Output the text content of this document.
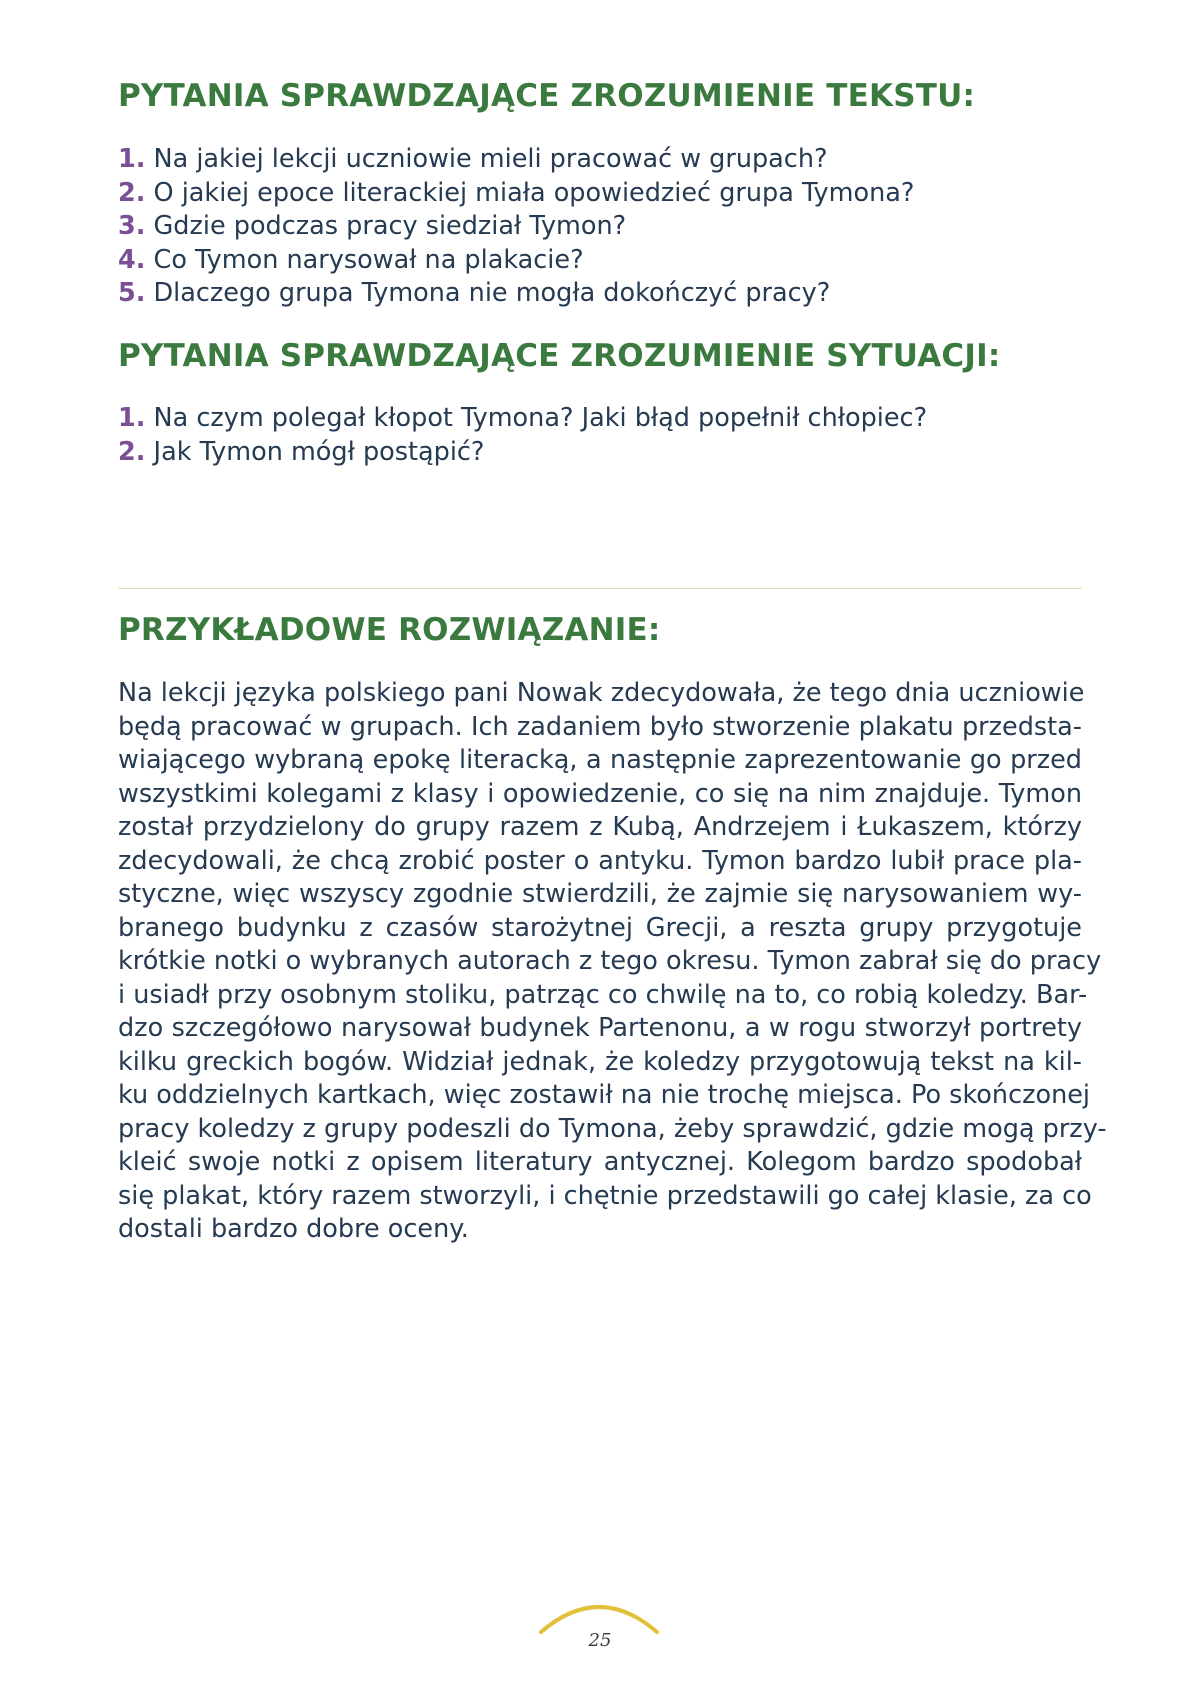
PYTANIA SPRAWDZAJĄCE ZROZUMIENIE TEKSTU:
1. Na jakiej lekcji uczniowie mieli pracować w grupach?
2. O jakiej epoce literackiej miała opowiedzieć grupa Tymona?
3. Gdzie podczas pracy siedział Tymon?
4. Co Tymon narysował na plakacie?
5. Dlaczego grupa Tymona nie mogła dokończyć pracy?
PYTANIA SPRAWDZAJĄCE ZROZUMIENIE SYTUACJI:
1. Na czym polegał kłopot Tymona? Jaki błąd popełnił chłopiec?
2. Jak Tymon mógł postąpić?
PRZYKŁADOWE ROZWIĄZANIE:
Na lekcji języka polskiego pani Nowak zdecydowała, że tego dnia uczniowie
będą pracować w grupach. Ich zadaniem było stworzenie plakatu przedsta-
wiającego wybraną epokę literacką, a następnie zaprezentowanie go przed
wszystkimi kolegami z klasy i opowiedzenie, co się na nim znajduje. Tymon
został przydzielony do grupy razem z Kubą, Andrzejem i Łukaszem, którzy
zdecydowali, że chcą zrobić poster o antyku. Tymon bardzo lubił prace pla-
styczne, więc wszyscy zgodnie stwierdzili, że zajmie się narysowaniem wy-
branego budynku z czasów starożytnej Grecji, a reszta grupy przygotuje
krótkie notki o wybranych autorach z tego okresu. Tymon zabrał się do pracy
i usiadł przy osobnym stoliku, patrząc co chwilę na to, co robią koledzy. Bar-
dzo szczegółowo narysował budynek Partenonu, a w rogu stworzył portrety
kilku greckich bogów. Widział jednak, że koledzy przygotowują tekst na kil-
ku oddzielnych kartkach, więc zostawił na nie trochę miejsca. Po skończonej
pracy koledzy z grupy podeszli do Tymona, żeby sprawdzić, gdzie mogą przy-
kleić swoje notki z opisem literatury antycznej. Kolegom bardzo spodobał
się plakat, który razem stworzyli, i chętnie przedstawili go całej klasie, za co
dostali bardzo dobre oceny.
25
